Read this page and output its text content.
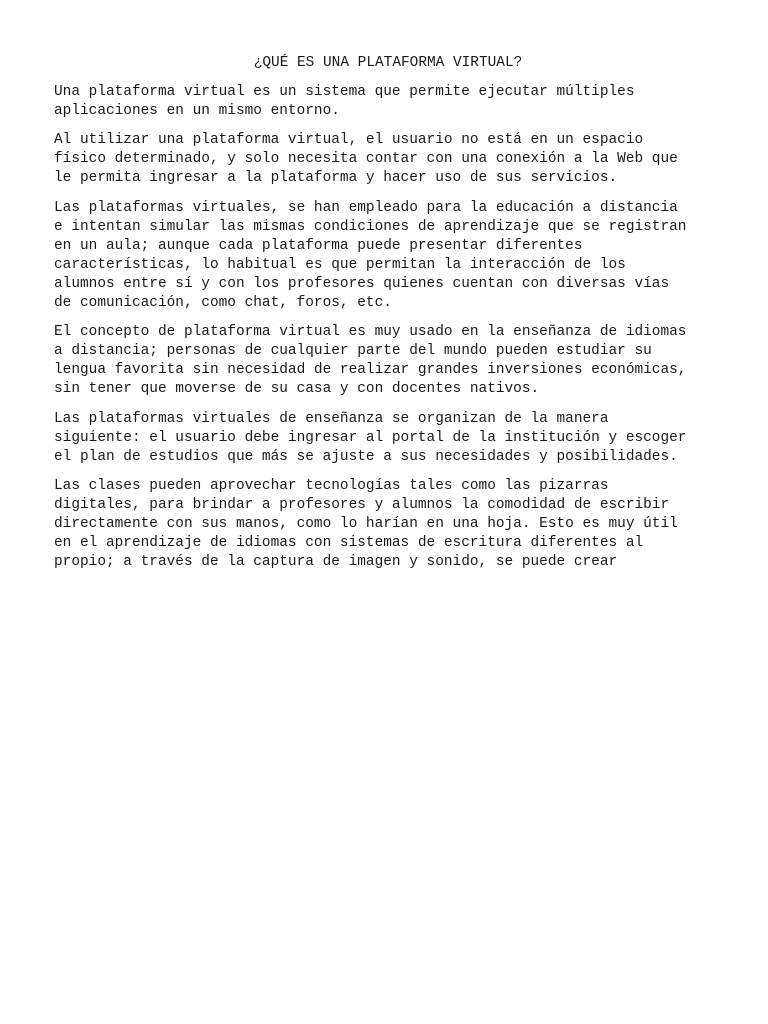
¿QUÉ ES UNA PLATAFORMA VIRTUAL?
Una plataforma virtual es un sistema que permite ejecutar múltiples
aplicaciones en un mismo entorno.
Al utilizar una plataforma virtual, el usuario no está en un espacio
físico determinado, y solo necesita contar con una conexión a la Web que
le permita ingresar a la plataforma y hacer uso de sus servicios.
Las plataformas virtuales, se han empleado para la educación a distancia
e intentan simular las mismas condiciones de aprendizaje que se registran
en un aula; aunque cada plataforma puede presentar diferentes
características, lo habitual es que permitan la interacción de los
alumnos entre sí y con los profesores quienes cuentan con diversas vías
de comunicación, como chat, foros, etc.
El concepto de plataforma virtual es muy usado en la enseñanza de idiomas
a distancia; personas de cualquier parte del mundo pueden estudiar su
lengua favorita sin necesidad de realizar grandes inversiones económicas,
sin tener que moverse de su casa y con docentes nativos.
Las plataformas virtuales de enseñanza se organizan de la manera
siguiente: el usuario debe ingresar al portal de la institución y escoger
el plan de estudios que más se ajuste a sus necesidades y posibilidades.
Las clases pueden aprovechar tecnologías tales como las pizarras
digitales, para brindar a profesores y alumnos la comodidad de escribir
directamente con sus manos, como lo harían en una hoja. Esto es muy útil
en el aprendizaje de idiomas con sistemas de escritura diferentes al
propio; a través de la captura de imagen y sonido, se puede crear
